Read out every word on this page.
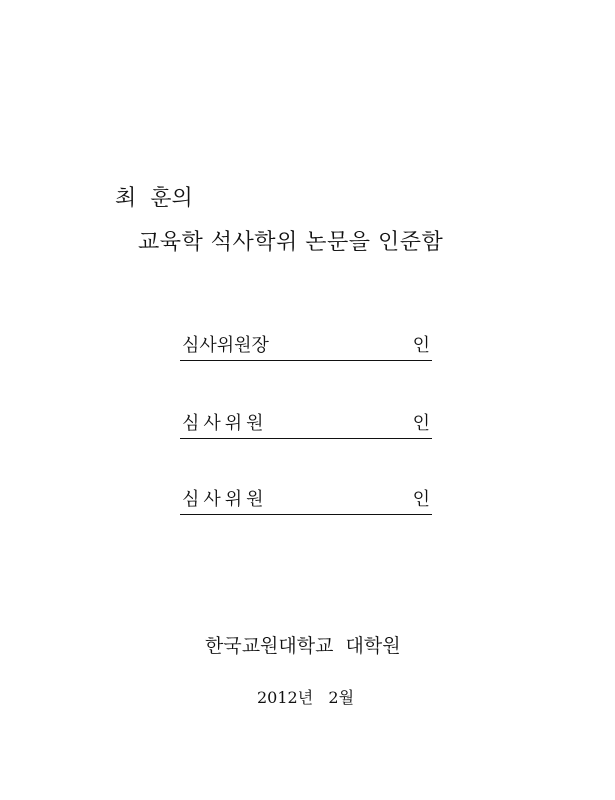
최  훈의
교육학 석사학위 논문을 인준함
심사위원장	인
심사위원	인
심사위원	인
한국교원대학교  대학원
2012년   2월
